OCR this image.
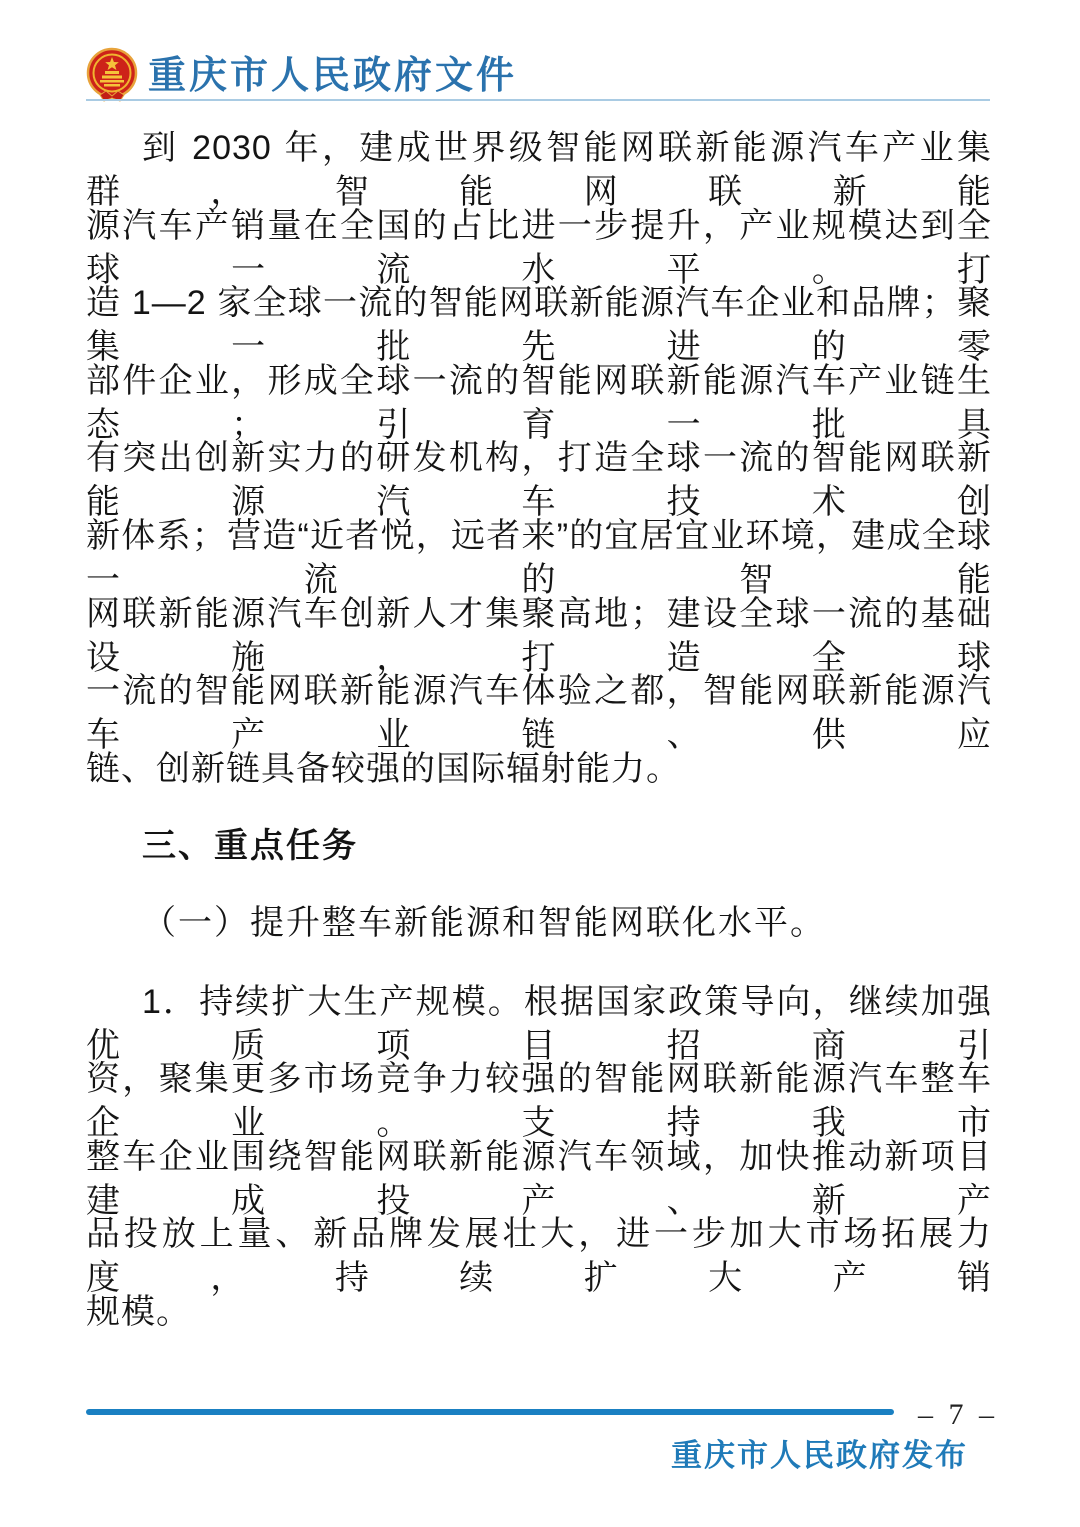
重庆市人民政府文件
到 2030 年，建成世界级智能网联新能源汽车产业集群，智能网联新能
源汽车产销量在全国的占比进一步提升，产业规模达到全球一流水平。打
造 1—2 家全球一流的智能网联新能源汽车企业和品牌；聚集一批先进的零
部件企业，形成全球一流的智能网联新能源汽车产业链生态；引育一批具
有突出创新实力的研发机构，打造全球一流的智能网联新能源汽车技术创
新体系；营造“近者悦，远者来”的宜居宜业环境，建成全球一流的智能
网联新能源汽车创新人才集聚高地；建设全球一流的基础设施，打造全球
一流的智能网联新能源汽车体验之都，智能网联新能源汽车产业链、供应
链、创新链具备较强的国际辐射能力。
三、重点任务
（一）提升整车新能源和智能网联化水平。
1．持续扩大生产规模。根据国家政策导向，继续加强优质项目招商引
资，聚集更多市场竞争力较强的智能网联新能源汽车整车企业。支持我市
整车企业围绕智能网联新能源汽车领域，加快推动新项目建成投产、新产
品投放上量、新品牌发展壮大，进一步加大市场拓展力度，持续扩大产销
规模。
– 7 –
重庆市人民政府发布
